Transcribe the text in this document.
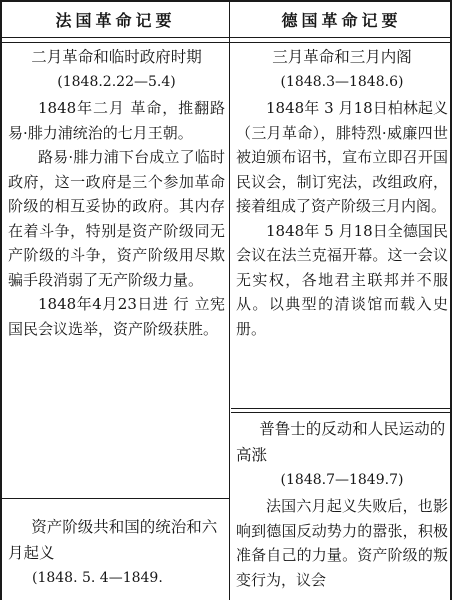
法国革命记要	德国革命记要

二月革命和临时政府时期

(1848.2.22—5.4)

1848年二月 革命，推翻路易·腓力浦统治的七月王朝。

路易·腓力浦下台成立了临时政府，这一政府是三个参加革命阶级的相互妥协的政府。其内存在着斗争，特别是资产阶级同无产阶级的斗争，资产阶级用尽欺骗手段消弱了无产阶级力量。

1848年4月23日进 行 立宪国民会议选举，资产阶级获胜。

资产阶级共和国的统治和六月起义

(1848. 5. 4—1849.

三月革命和三月内阁

(1848.3—1848.6)

1848年 3 月18日柏林起义（三月革命），腓特烈·威廉四世被迫颁布诏书，宣布立即召开国民议会，制订宪法，改组政府，接着组成了资产阶级三月内阁。

1848年 5 月18日全德国民会议在法兰克福开幕。这一会议无实权，各地君主联邦并不服从。以典型的清谈馆而载入史册。

普鲁士的反动和人民运动的高涨

(1848.7—1849.7)

法国六月起义失败后，也影响到德国反动势力的嚣张，积极准备自己的力量。资产阶级的叛变行为，议会
